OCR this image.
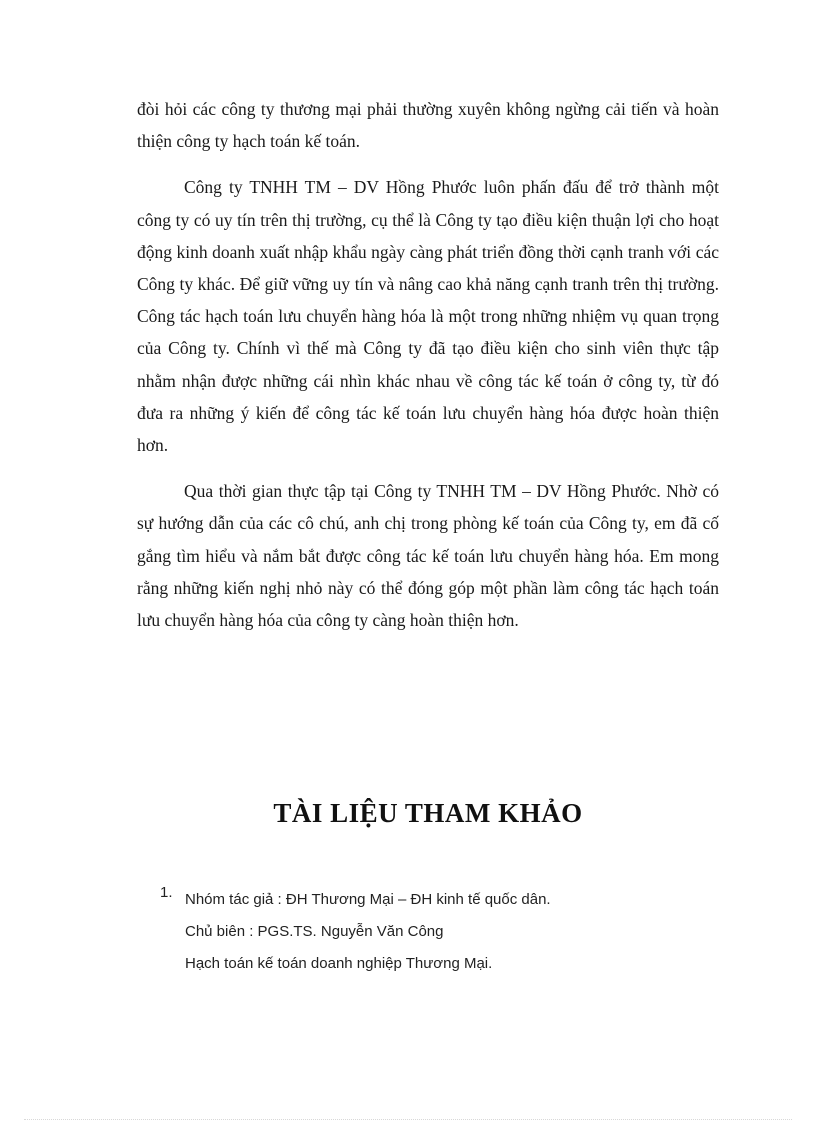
đòi hỏi các công ty thương mại phải thường xuyên không ngừng cải tiến và hoàn thiện công ty hạch toán kế toán.

Công ty TNHH TM – DV Hồng Phước luôn phấn đấu để trở thành một công ty có uy tín trên thị trường, cụ thể là Công ty tạo điều kiện thuận lợi cho hoạt động kinh doanh xuất nhập khẩu ngày càng phát triển đồng thời cạnh tranh với các Công ty khác. Để giữ vững uy tín và nâng cao khả năng cạnh tranh trên thị trường. Công tác hạch toán lưu chuyển hàng hóa là một trong những nhiệm vụ quan trọng của Công ty. Chính vì thế mà Công ty đã tạo điều kiện cho sinh viên thực tập nhằm nhận được những cái nhìn khác nhau về công tác kế toán ở công ty, từ đó đưa ra những ý kiến để công tác kế toán lưu chuyển hàng hóa được hoàn thiện hơn.

Qua thời gian thực tập tại Công ty TNHH TM – DV Hồng Phước. Nhờ có sự hướng dẫn của các cô chú, anh chị trong phòng kế toán của Công ty, em đã cố gắng tìm hiểu và nắm bắt được công tác kế toán lưu chuyển hàng hóa. Em mong rằng những kiến nghị nhỏ này có thể đóng góp một phần làm công tác hạch toán lưu chuyển hàng hóa của công ty càng hoàn thiện hơn.

TÀI LIỆU THAM KHẢO
1. Nhóm tác giả : ĐH Thương Mại – ĐH kinh tế quốc dân.
Chủ biên : PGS.TS. Nguyễn Văn Công
Hạch toán kế toán doanh nghiệp Thương Mại.
